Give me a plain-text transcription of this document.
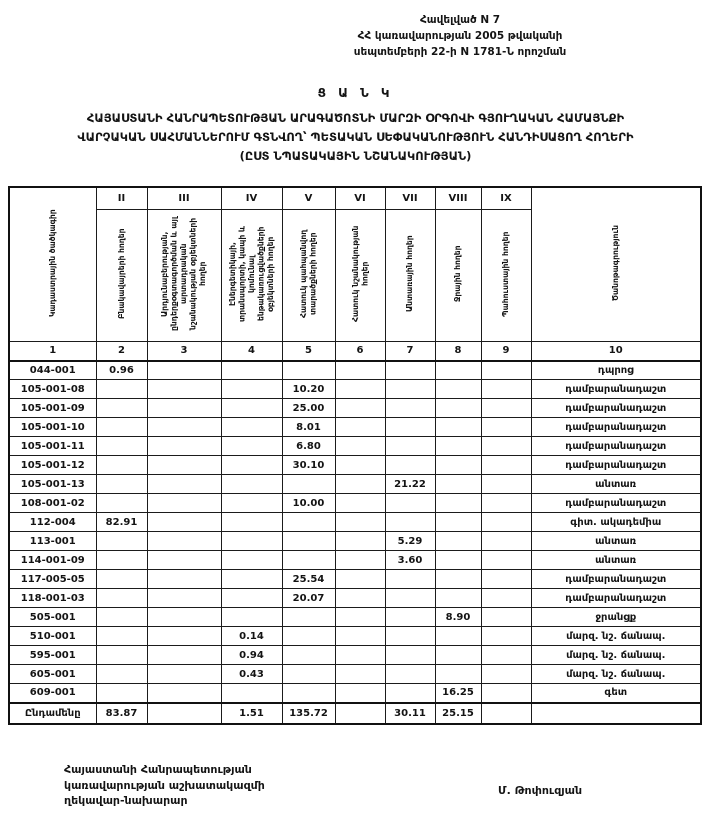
Հավելված N 7
ՀՀ կառավարության 2005 թվականի
սեպտեմբերի 22-ի N 1781-Ն որոշման
Ց Ա Ն Կ
ՀԱՅԱՍՏԱՆԻ ՀԱՆՐԱՊԵՏՈՒԹՅԱՆ ԱՐԱԳԱԾՈՏՆԻ ՄԱՐԶԻ ՕՐԳՈՎԻ ԳՅՈՒՂԱԿԱՆ ՀԱՄԱՅՆՔԻ
ՎԱՐՉԱԿԱՆ ՍԱՀՄԱՆՆԵՐՈՒՄ ԳՏՆՎՈՂ՝ ՊԵՏԱԿԱՆ ՍԵՓԱԿԱՆՈՒԹՅՈՒՆ ՀԱՆԴԻՍԱՑՈՂ ՀՈՂԵՐԻ
(ԸՍՏ ՆՊԱՏԱԿԱՅԻՆ ՆՇԱՆԱԿՈՒԹՅԱՆ)
Կադաստրային ծածկագիր	II	III	IV	V	VI	VII	VIII	IX	Ծանոթագրություն
	Բնակավայրերի հողեր	Արդյունաբերության, ընդերքօգտագործման և այլ արտադրական նշանակության օբյեկտների հողեր	Էներգետիկայի, տրանսպորտի, կապի և կոմունալ ենթակառուցվածքների օբյեկտների հողեր	Հատուկ պահպանվող տարածքների հողեր	Հատուկ նշանակության հողեր	Անտառային հողեր	Ջրային հողեր	Պահուստային հողեր	
1	2	3	4	5	6	7	8	9	10
044-001	0.96								դպրոց
105-001-08				10.20					դամբարանադաշտ
105-001-09				25.00					դամբարանադաշտ
105-001-10				8.01					դամբարանադաշտ
105-001-11				6.80					դամբարանադաշտ
105-001-12				30.10					դամբարանադաշտ
105-001-13						21.22			անտառ
108-001-02				10.00					դամբարանադաշտ
112-004	82.91								գիտ. ակադեմիա
113-001						5.29			անտառ
114-001-09						3.60			անտառ
117-005-05				25.54					դամբարանադաշտ
118-001-03				20.07					դամբարանադաշտ
505-001							8.90		ջրանցք
510-001			0.14						մարզ. նշ. ճանապ.
595-001			0.94						մարզ. նշ. ճանապ.
605-001			0.43						մարզ. նշ. ճանապ.
609-001							16.25		գետ
Ընդամենը	83.87		1.51	135.72		30.11	25.15		
Հայաստանի Հանրապետության
կառավարության աշխատակազմի
ղեկավար-նախարար
Մ. Թոփուզյան
